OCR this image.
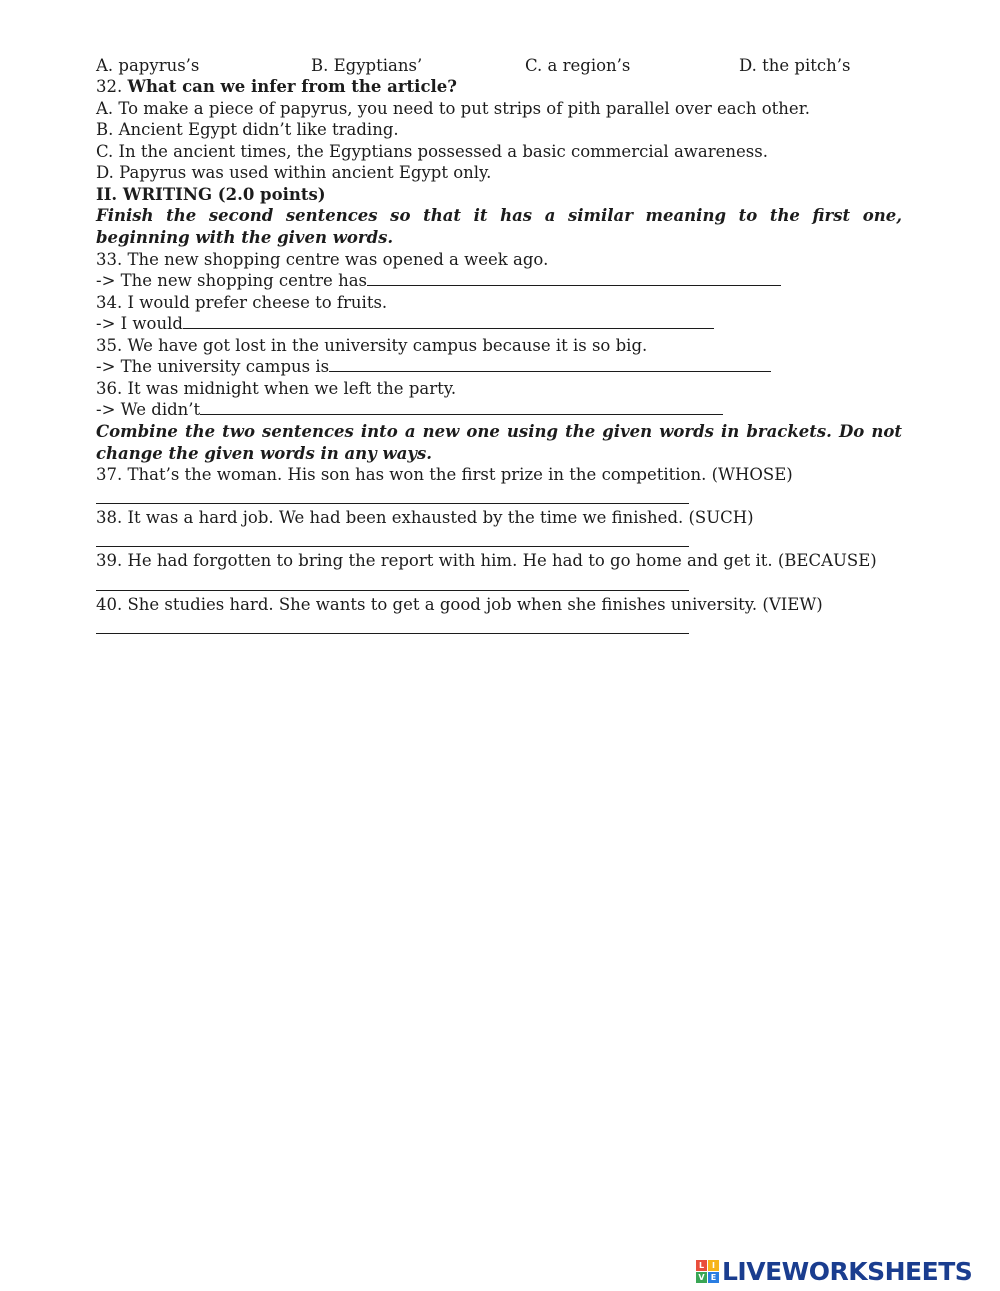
A. papyrus’s	B. Egyptians’	C. a region’s	D. the pitch’s
32. What can we infer from the article?
A. To make a piece of papyrus, you need to put strips of pith parallel over each other.
B. Ancient Egypt didn’t like trading.
C. In the ancient times, the Egyptians possessed a basic commercial awareness.
D. Papyrus was used within ancient Egypt only.
II. WRITING (2.0 points)
Finish the second sentences so that it has a similar meaning to the first one, beginning with the given words.
33. The new shopping centre was opened a week ago.
-> The new shopping centre has
34. I would prefer cheese to fruits.
-> I would
35. We have got lost in the university campus because it is so big.
-> The university campus is
36. It was midnight when we left the party.
-> We didn’t
Combine the two sentences into a new one using the given words in brackets. Do not change the given words in any ways.
37. That’s the woman. His son has won the first prize in the competition. (WHOSE)
38. It was a hard job. We had been exhausted by the time we finished. (SUCH)
39. He had forgotten to bring the report with him. He had to go home and get it. (BECAUSE)
40. She studies hard. She wants to get a good job when she finishes university. (VIEW)
L I
V E LIVEWORKSHEETS
